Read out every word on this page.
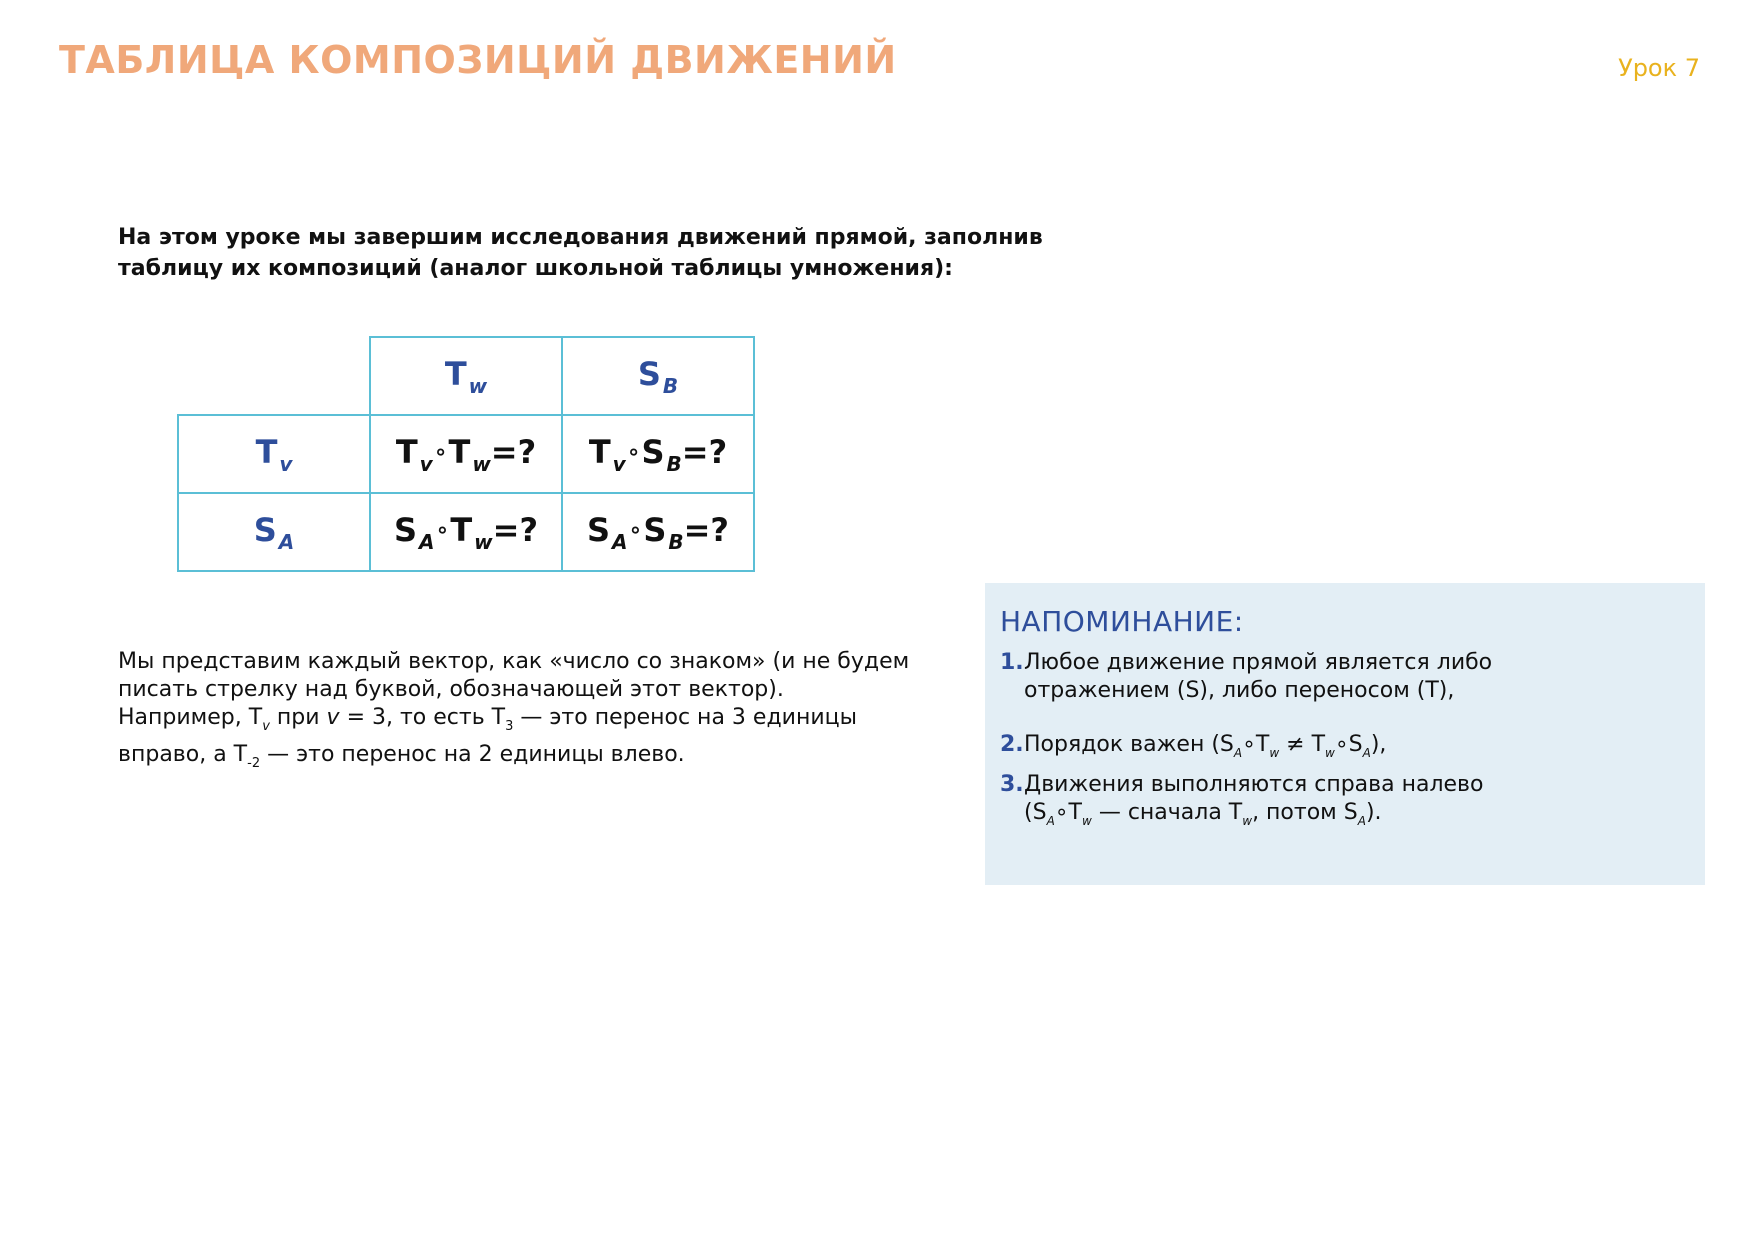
ТАБЛИЦА КОМПОЗИЦИЙ ДВИЖЕНИЙ	Урок 7
На этом уроке мы завершим исследования движений прямой, заполнив
таблицу их композиций (аналог школьной таблицы умножения):
	T $_w$	S $_B$
T $_v$	T $_v$∘T $_w$=?	T $_v$∘S $_B$=?
S $_A$	S $_A$∘T $_w$=?	S $_A$∘S $_B$=?
Мы представим каждый вектор, как «число со знаком» (и не будем
писать стрелку над буквой, обозначающей этот вектор).
Например, $T_v$ при v = 3, то есть $T_3$ — это перенос на 3 единицы
вправо, а $T_{-2}$ — это перенос на 2 единицы влево.
НАПОМИНАНИЕ:
1. Любое движение прямой является либо
отражением (S), либо переносом (T),
2. Порядок важен ($S_A\circ T_w$ ≠ $T_w\circ S_A$),
3. Движения выполняются справа налево
($S_A\circ T_w$ — сначала $T_w$, потом $S_A$).
